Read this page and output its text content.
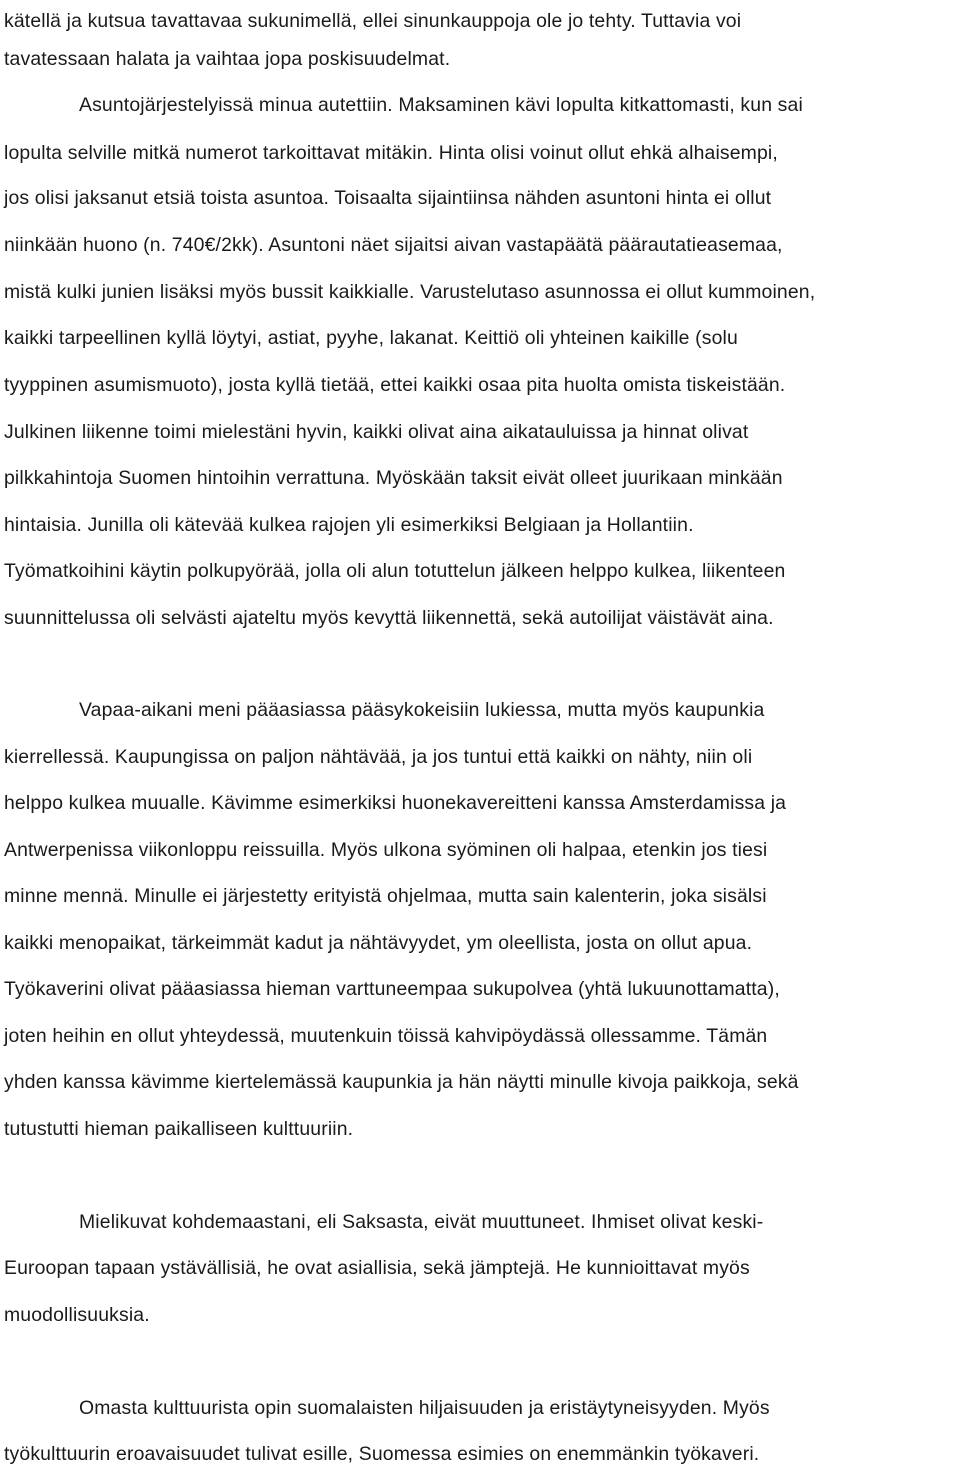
kätellä ja kutsua tavattavaa sukunimellä, ellei sinunkauppoja ole jo tehty. Tuttavia voi
tavatessaan halata ja vaihtaa jopa poskisuudelmat.
Asuntojärjestelyissä minua autettiin. Maksaminen kävi lopulta kitkattomasti, kun sai
lopulta selville mitkä numerot tarkoittavat mitäkin. Hinta olisi voinut ollut ehkä alhaisempi,
jos olisi jaksanut etsiä toista asuntoa. Toisaalta sijaintiinsa nähden asuntoni hinta ei ollut
niinkään huono (n. 740€/2kk). Asuntoni näet sijaitsi aivan vastapäätä päärautatieasemaa,
mistä kulki junien lisäksi myös bussit kaikkialle. Varustelutaso asunnossa ei ollut kummoinen,
kaikki tarpeellinen kyllä löytyi, astiat, pyyhe, lakanat. Keittiö oli yhteinen kaikille (solu
tyyppinen asumismuoto), josta kyllä tietää, ettei kaikki osaa pita huolta omista tiskeistään.
Julkinen liikenne toimi mielestäni hyvin, kaikki olivat aina aikatauluissa ja hinnat olivat
pilkkahintoja Suomen hintoihin verrattuna. Myöskään taksit eivät olleet juurikaan minkään
hintaisia. Junilla oli kätevää kulkea rajojen yli esimerkiksi Belgiaan ja Hollantiin.
Työmatkoihini käytin polkupyörää, jolla oli alun totuttelun jälkeen helppo kulkea, liikenteen
suunnittelussa oli selvästi ajateltu myös kevyttä liikennettä, sekä autoilijat väistävät aina.
Vapaa-aikani meni pääasiassa pääsykokeisiin lukiessa, mutta myös kaupunkia
kierrellessä. Kaupungissa on paljon nähtävää, ja jos tuntui että kaikki on nähty, niin oli
helppo kulkea muualle. Kävimme esimerkiksi huonekavereitteni kanssa Amsterdamissa ja
Antwerpenissa viikonloppu reissuilla. Myös ulkona syöminen oli halpaa, etenkin jos tiesi
minne mennä. Minulle ei järjestetty erityistä ohjelmaa, mutta sain kalenterin, joka sisälsi
kaikki menopaikat, tärkeimmät kadut ja nähtävyydet, ym oleellista, josta on ollut apua.
Työkaverini olivat pääasiassa hieman varttuneempaa sukupolvea (yhtä lukuunottamatta),
joten heihin en ollut yhteydessä, muutenkuin töissä kahvipöydässä ollessamme. Tämän
yhden kanssa kävimme kiertelemässä kaupunkia ja hän näytti minulle kivoja paikkoja, sekä
tutustutti hieman paikalliseen kulttuuriin.
Mielikuvat kohdemaastani, eli Saksasta, eivät muuttuneet. Ihmiset olivat keski-
Euroopan tapaan ystävällisiä, he ovat asiallisia, sekä jämptejä. He kunnioittavat myös
muodollisuuksia.
Omasta kulttuurista opin suomalaisten hiljaisuuden ja eristäytyneisyyden. Myös
työkulttuurin eroavaisuudet tulivat esille, Suomessa esimies on enemmänkin työkaveri.
